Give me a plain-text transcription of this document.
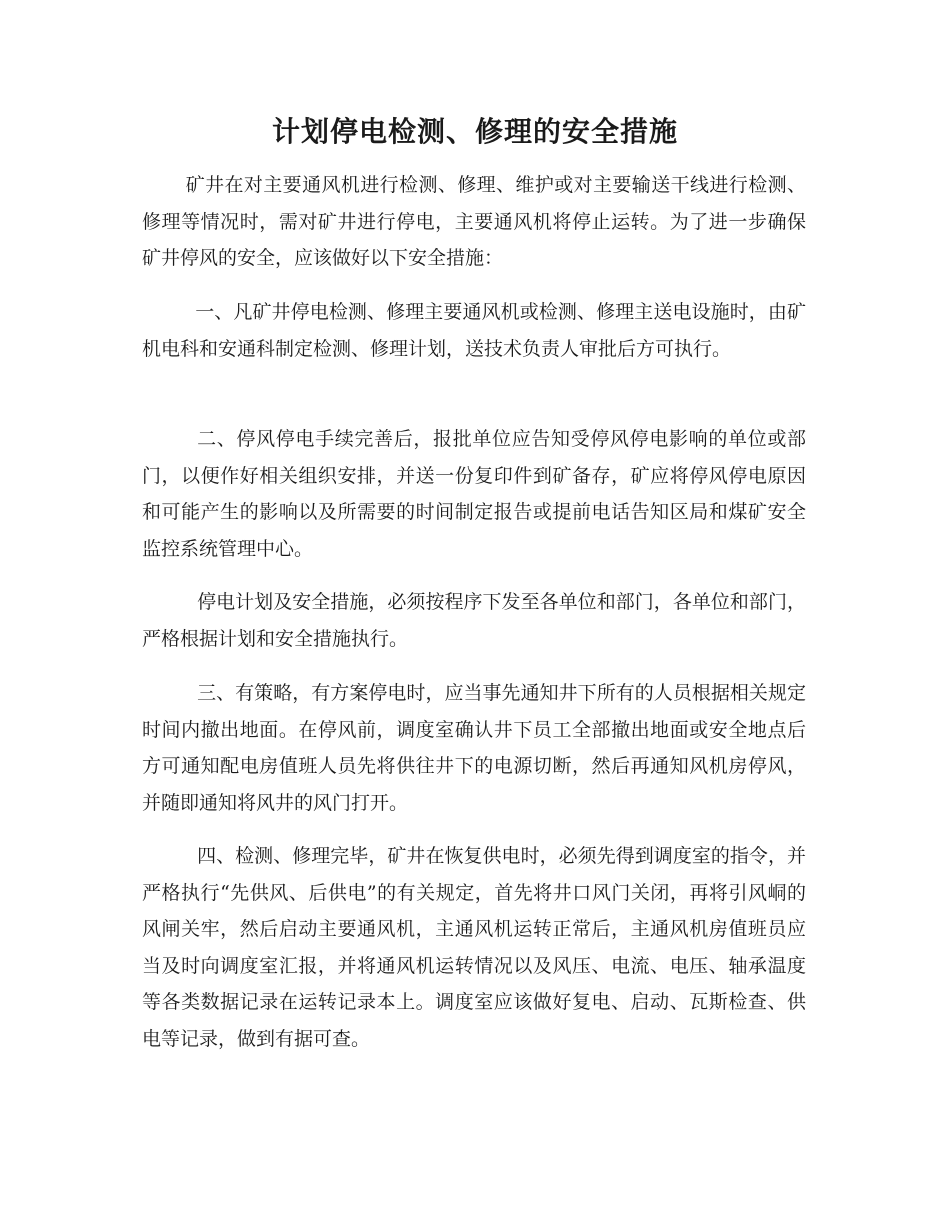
计划停电检测、修理的安全措施

矿井在对主要通风机进行检测、修理、维护或对主要输送干线进行检测、修理等情况时，需对矿井进行停电，主要通风机将停止运转。为了进一步确保矿井停风的安全，应该做好以下安全措施：

一、凡矿井停电检测、修理主要通风机或检测、修理主送电设施时，由矿机电科和安通科制定检测、修理计划，送技术负责人审批后方可执行。

二、停风停电手续完善后，报批单位应告知受停风停电影响的单位或部门，以便作好相关组织安排，并送一份复印件到矿备存，矿应将停风停电原因和可能产生的影响以及所需要的时间制定报告或提前电话告知区局和煤矿安全监控系统管理中心。

停电计划及安全措施，必须按程序下发至各单位和部门，各单位和部门，严格根据计划和安全措施执行。

三、有策略，有方案停电时，应当事先通知井下所有的人员根据相关规定时间内撤出地面。在停风前，调度室确认井下员工全部撤出地面或安全地点后方可通知配电房值班人员先将供往井下的电源切断，然后再通知风机房停风，并随即通知将风井的风门打开。

四、检测、修理完毕，矿井在恢复供电时，必须先得到调度室的指令，并严格执行“先供风、后供电”的有关规定，首先将井口风门关闭，再将引风峒的风闸关牢，然后启动主要通风机，主通风机运转正常后，主通风机房值班员应当及时向调度室汇报，并将通风机运转情况以及风压、电流、电压、轴承温度等各类数据记录在运转记录本上。调度室应该做好复电、启动、瓦斯检查、供电等记录，做到有据可查。
